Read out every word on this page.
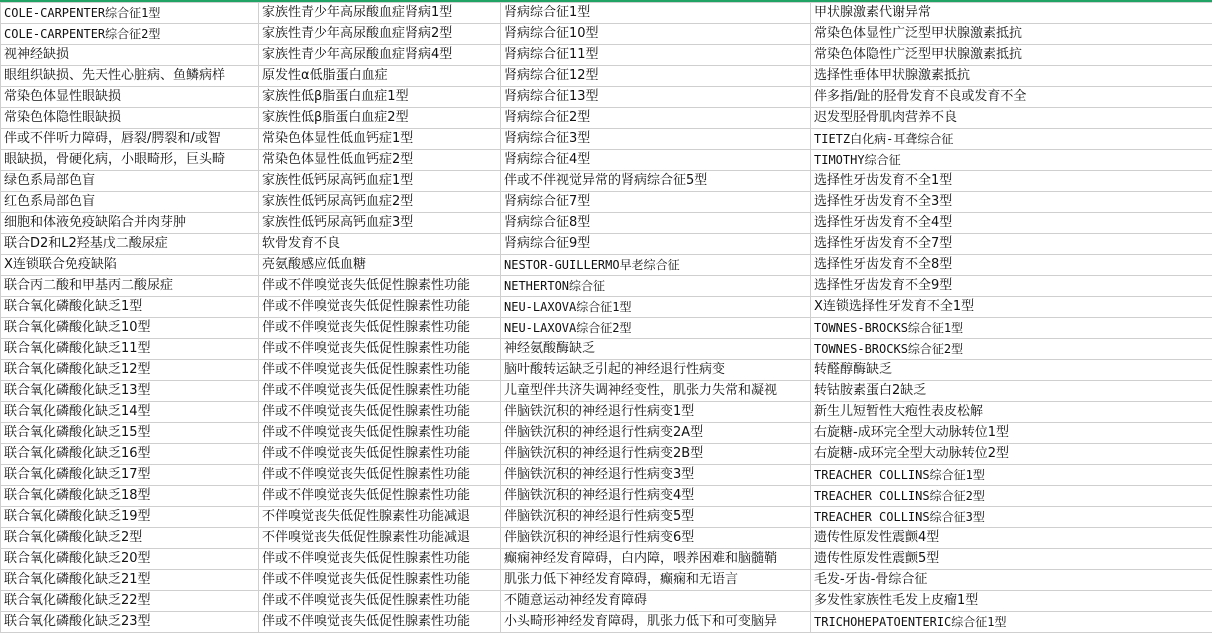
COLE-CARPENTER综合征1型	家族性青少年高尿酸血症肾病1型	肾病综合征1型	甲状腺激素代谢异常
COLE-CARPENTER综合征2型	家族性青少年高尿酸血症肾病2型	肾病综合征10型	常染色体显性广泛型甲状腺激素抵抗
视神经缺损	家族性青少年高尿酸血症肾病4型	肾病综合征11型	常染色体隐性广泛型甲状腺激素抵抗
眼组织缺损、先天性心脏病、鱼鳞病样	原发性α低脂蛋白血症	肾病综合征12型	选择性垂体甲状腺激素抵抗
常染色体显性眼缺损	家族性低β脂蛋白血症1型	肾病综合征13型	伴多指/趾的胫骨发育不良或发育不全
常染色体隐性眼缺损	家族性低β脂蛋白血症2型	肾病综合征2型	迟发型胫骨肌肉营养不良
伴或不伴听力障碍，唇裂/腭裂和/或智	常染色体显性低血钙症1型	肾病综合征3型	TIETZ白化病-耳聋综合征
眼缺损，骨硬化病，小眼畸形，巨头畸	常染色体显性低血钙症2型	肾病综合征4型	TIMOTHY综合征
绿色系局部色盲	家族性低钙尿高钙血症1型	伴或不伴视觉异常的肾病综合征5型	选择性牙齿发育不全1型
红色系局部色盲	家族性低钙尿高钙血症2型	肾病综合征7型	选择性牙齿发育不全3型
细胞和体液免疫缺陷合并肉芽肿	家族性低钙尿高钙血症3型	肾病综合征8型	选择性牙齿发育不全4型
联合D2和L2羟基戊二酸尿症	软骨发育不良	肾病综合征9型	选择性牙齿发育不全7型
X连锁联合免疫缺陷	亮氨酸感应低血糖	NESTOR-GUILLERMO早老综合征	选择性牙齿发育不全8型
联合丙二酸和甲基丙二酸尿症	伴或不伴嗅觉丧失低促性腺素性功能	NETHERTON综合征	选择性牙齿发育不全9型
联合氧化磷酸化缺乏1型	伴或不伴嗅觉丧失低促性腺素性功能	NEU-LAXOVA综合征1型	X连锁选择性牙发育不全1型
联合氧化磷酸化缺乏10型	伴或不伴嗅觉丧失低促性腺素性功能	NEU-LAXOVA综合征2型	TOWNES-BROCKS综合征1型
联合氧化磷酸化缺乏11型	伴或不伴嗅觉丧失低促性腺素性功能	神经氨酸酶缺乏	TOWNES-BROCKS综合征2型
联合氧化磷酸化缺乏12型	伴或不伴嗅觉丧失低促性腺素性功能	脑叶酸转运缺乏引起的神经退行性病变	转醛醇酶缺乏
联合氧化磷酸化缺乏13型	伴或不伴嗅觉丧失低促性腺素性功能	儿童型伴共济失调神经变性，肌张力失常和凝视	转钴胺素蛋白2缺乏
联合氧化磷酸化缺乏14型	伴或不伴嗅觉丧失低促性腺素性功能	伴脑铁沉积的神经退行性病变1型	新生儿短暂性大疱性表皮松解
联合氧化磷酸化缺乏15型	伴或不伴嗅觉丧失低促性腺素性功能	伴脑铁沉积的神经退行性病变2A型	右旋糖-成环完全型大动脉转位1型
联合氧化磷酸化缺乏16型	伴或不伴嗅觉丧失低促性腺素性功能	伴脑铁沉积的神经退行性病变2B型	右旋糖-成环完全型大动脉转位2型
联合氧化磷酸化缺乏17型	伴或不伴嗅觉丧失低促性腺素性功能	伴脑铁沉积的神经退行性病变3型	TREACHER COLLINS综合征1型
联合氧化磷酸化缺乏18型	伴或不伴嗅觉丧失低促性腺素性功能	伴脑铁沉积的神经退行性病变4型	TREACHER COLLINS综合征2型
联合氧化磷酸化缺乏19型	不伴嗅觉丧失低促性腺素性功能减退	伴脑铁沉积的神经退行性病变5型	TREACHER COLLINS综合征3型
联合氧化磷酸化缺乏2型	不伴嗅觉丧失低促性腺素性功能减退	伴脑铁沉积的神经退行性病变6型	遗传性原发性震颤4型
联合氧化磷酸化缺乏20型	伴或不伴嗅觉丧失低促性腺素性功能	癫痫神经发育障碍，白内障，喂养困难和脑髓鞘	遗传性原发性震颤5型
联合氧化磷酸化缺乏21型	伴或不伴嗅觉丧失低促性腺素性功能	肌张力低下神经发育障碍，癫痫和无语言	毛发-牙齿-骨综合征
联合氧化磷酸化缺乏22型	伴或不伴嗅觉丧失低促性腺素性功能	不随意运动神经发育障碍	多发性家族性毛发上皮瘤1型
联合氧化磷酸化缺乏23型	伴或不伴嗅觉丧失低促性腺素性功能	小头畸形神经发育障碍，肌张力低下和可变脑异	TRICHOHEPATOENTERIC综合征1型
